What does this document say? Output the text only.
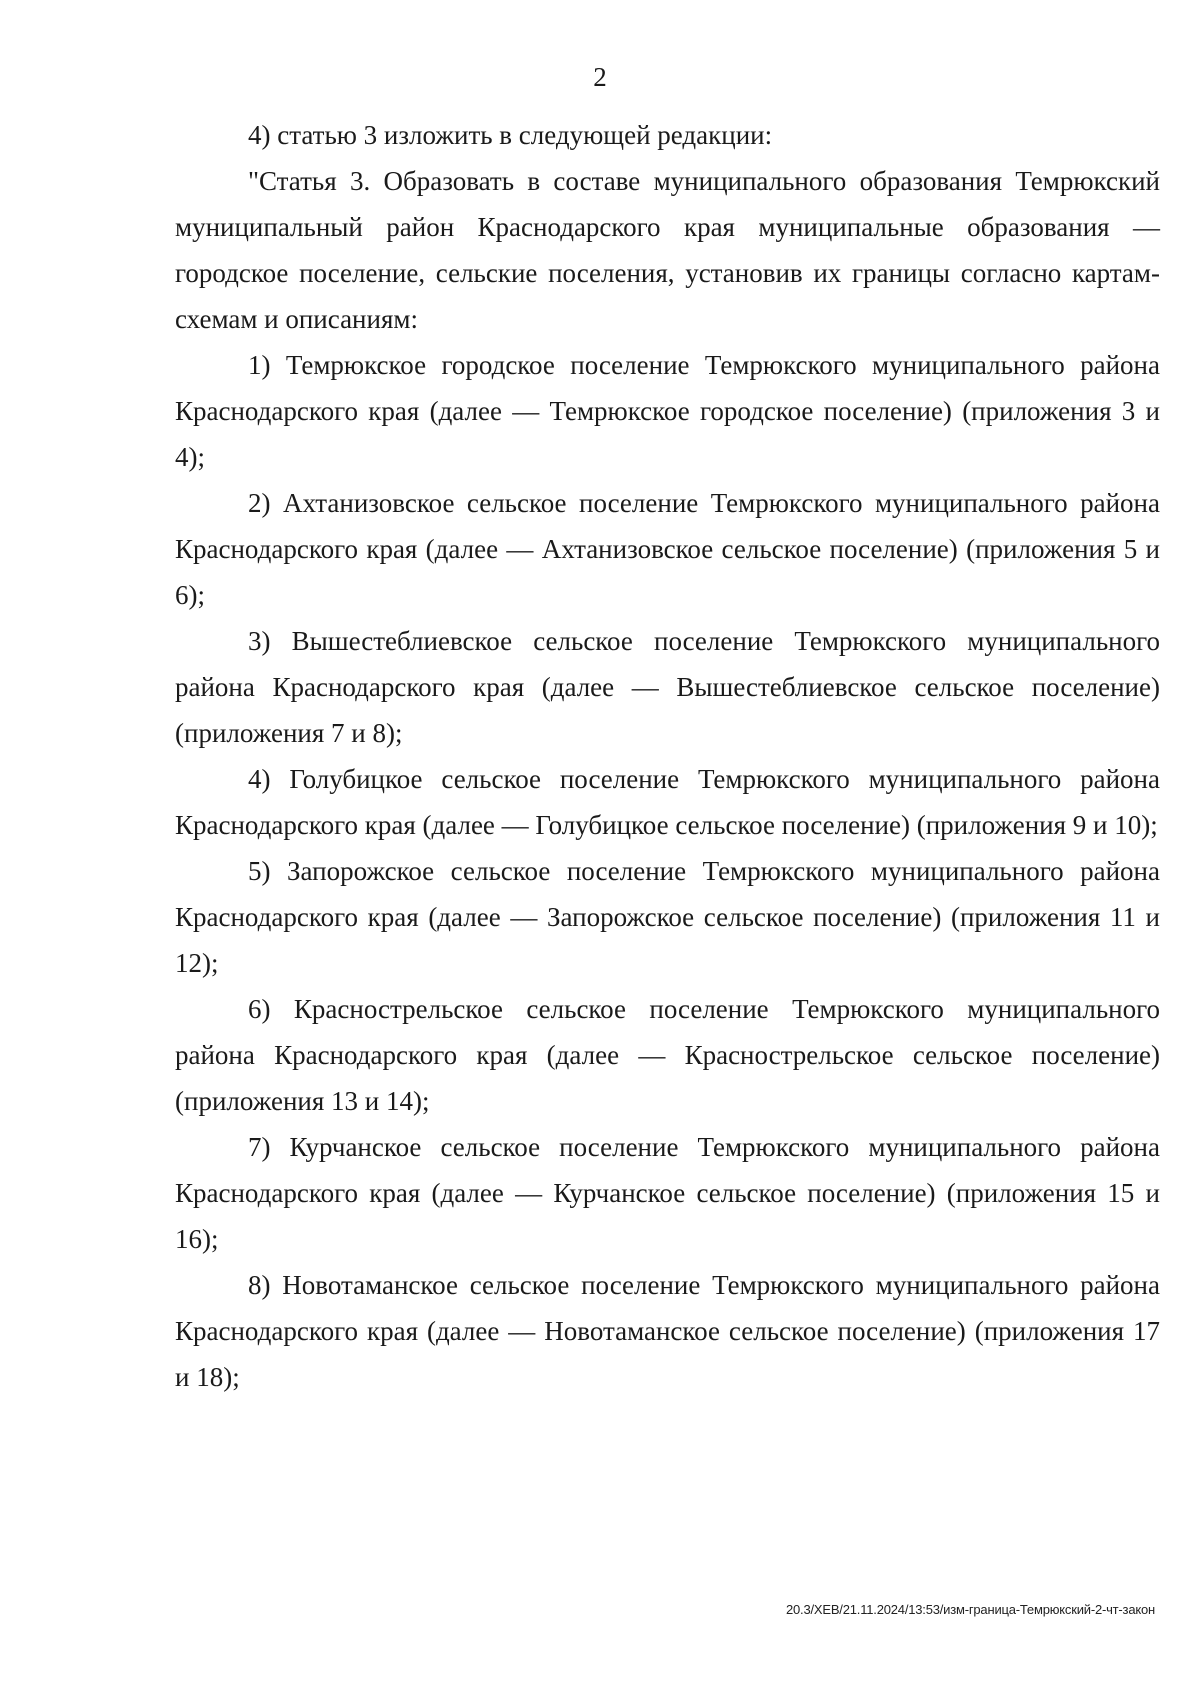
2

4) статью 3 изложить в следующей редакции:

"Статья 3. Образовать в составе муниципального образования Темрюкский муниципальный район Краснодарского края муниципальные образования — городское поселение, сельские поселения, установив их границы согласно картам-схемам и описаниям:

1) Темрюкское городское поселение Темрюкского муниципального района Краснодарского края (далее — Темрюкское городское поселение) (приложения 3 и 4);

2) Ахтанизовское сельское поселение Темрюкского муниципального района Краснодарского края (далее — Ахтанизовское сельское поселение) (приложения 5 и 6);

3) Вышестеблиевское сельское поселение Темрюкского муниципального района Краснодарского края (далее — Вышестеблиевское сельское поселение) (приложения 7 и 8);

4) Голубицкое сельское поселение Темрюкского муниципального района Краснодарского края (далее — Голубицкое сельское поселение) (приложения 9 и 10);

5) Запорожское сельское поселение Темрюкского муниципального района Краснодарского края (далее — Запорожское сельское поселение) (приложения 11 и 12);

6) Краснострельское сельское поселение Темрюкского муниципального района Краснодарского края (далее — Краснострельское сельское поселение) (приложения 13 и 14);

7) Курчанское сельское поселение Темрюкского муниципального района Краснодарского края (далее — Курчанское сельское поселение) (приложения 15 и 16);

8) Новотаманское сельское поселение Темрюкского муниципального района Краснодарского края (далее — Новотаманское сельское поселение) (приложения 17 и 18);

20.3/ХЕВ/21.11.2024/13:53/изм-граница-Темрюкский-2-чт-закон
